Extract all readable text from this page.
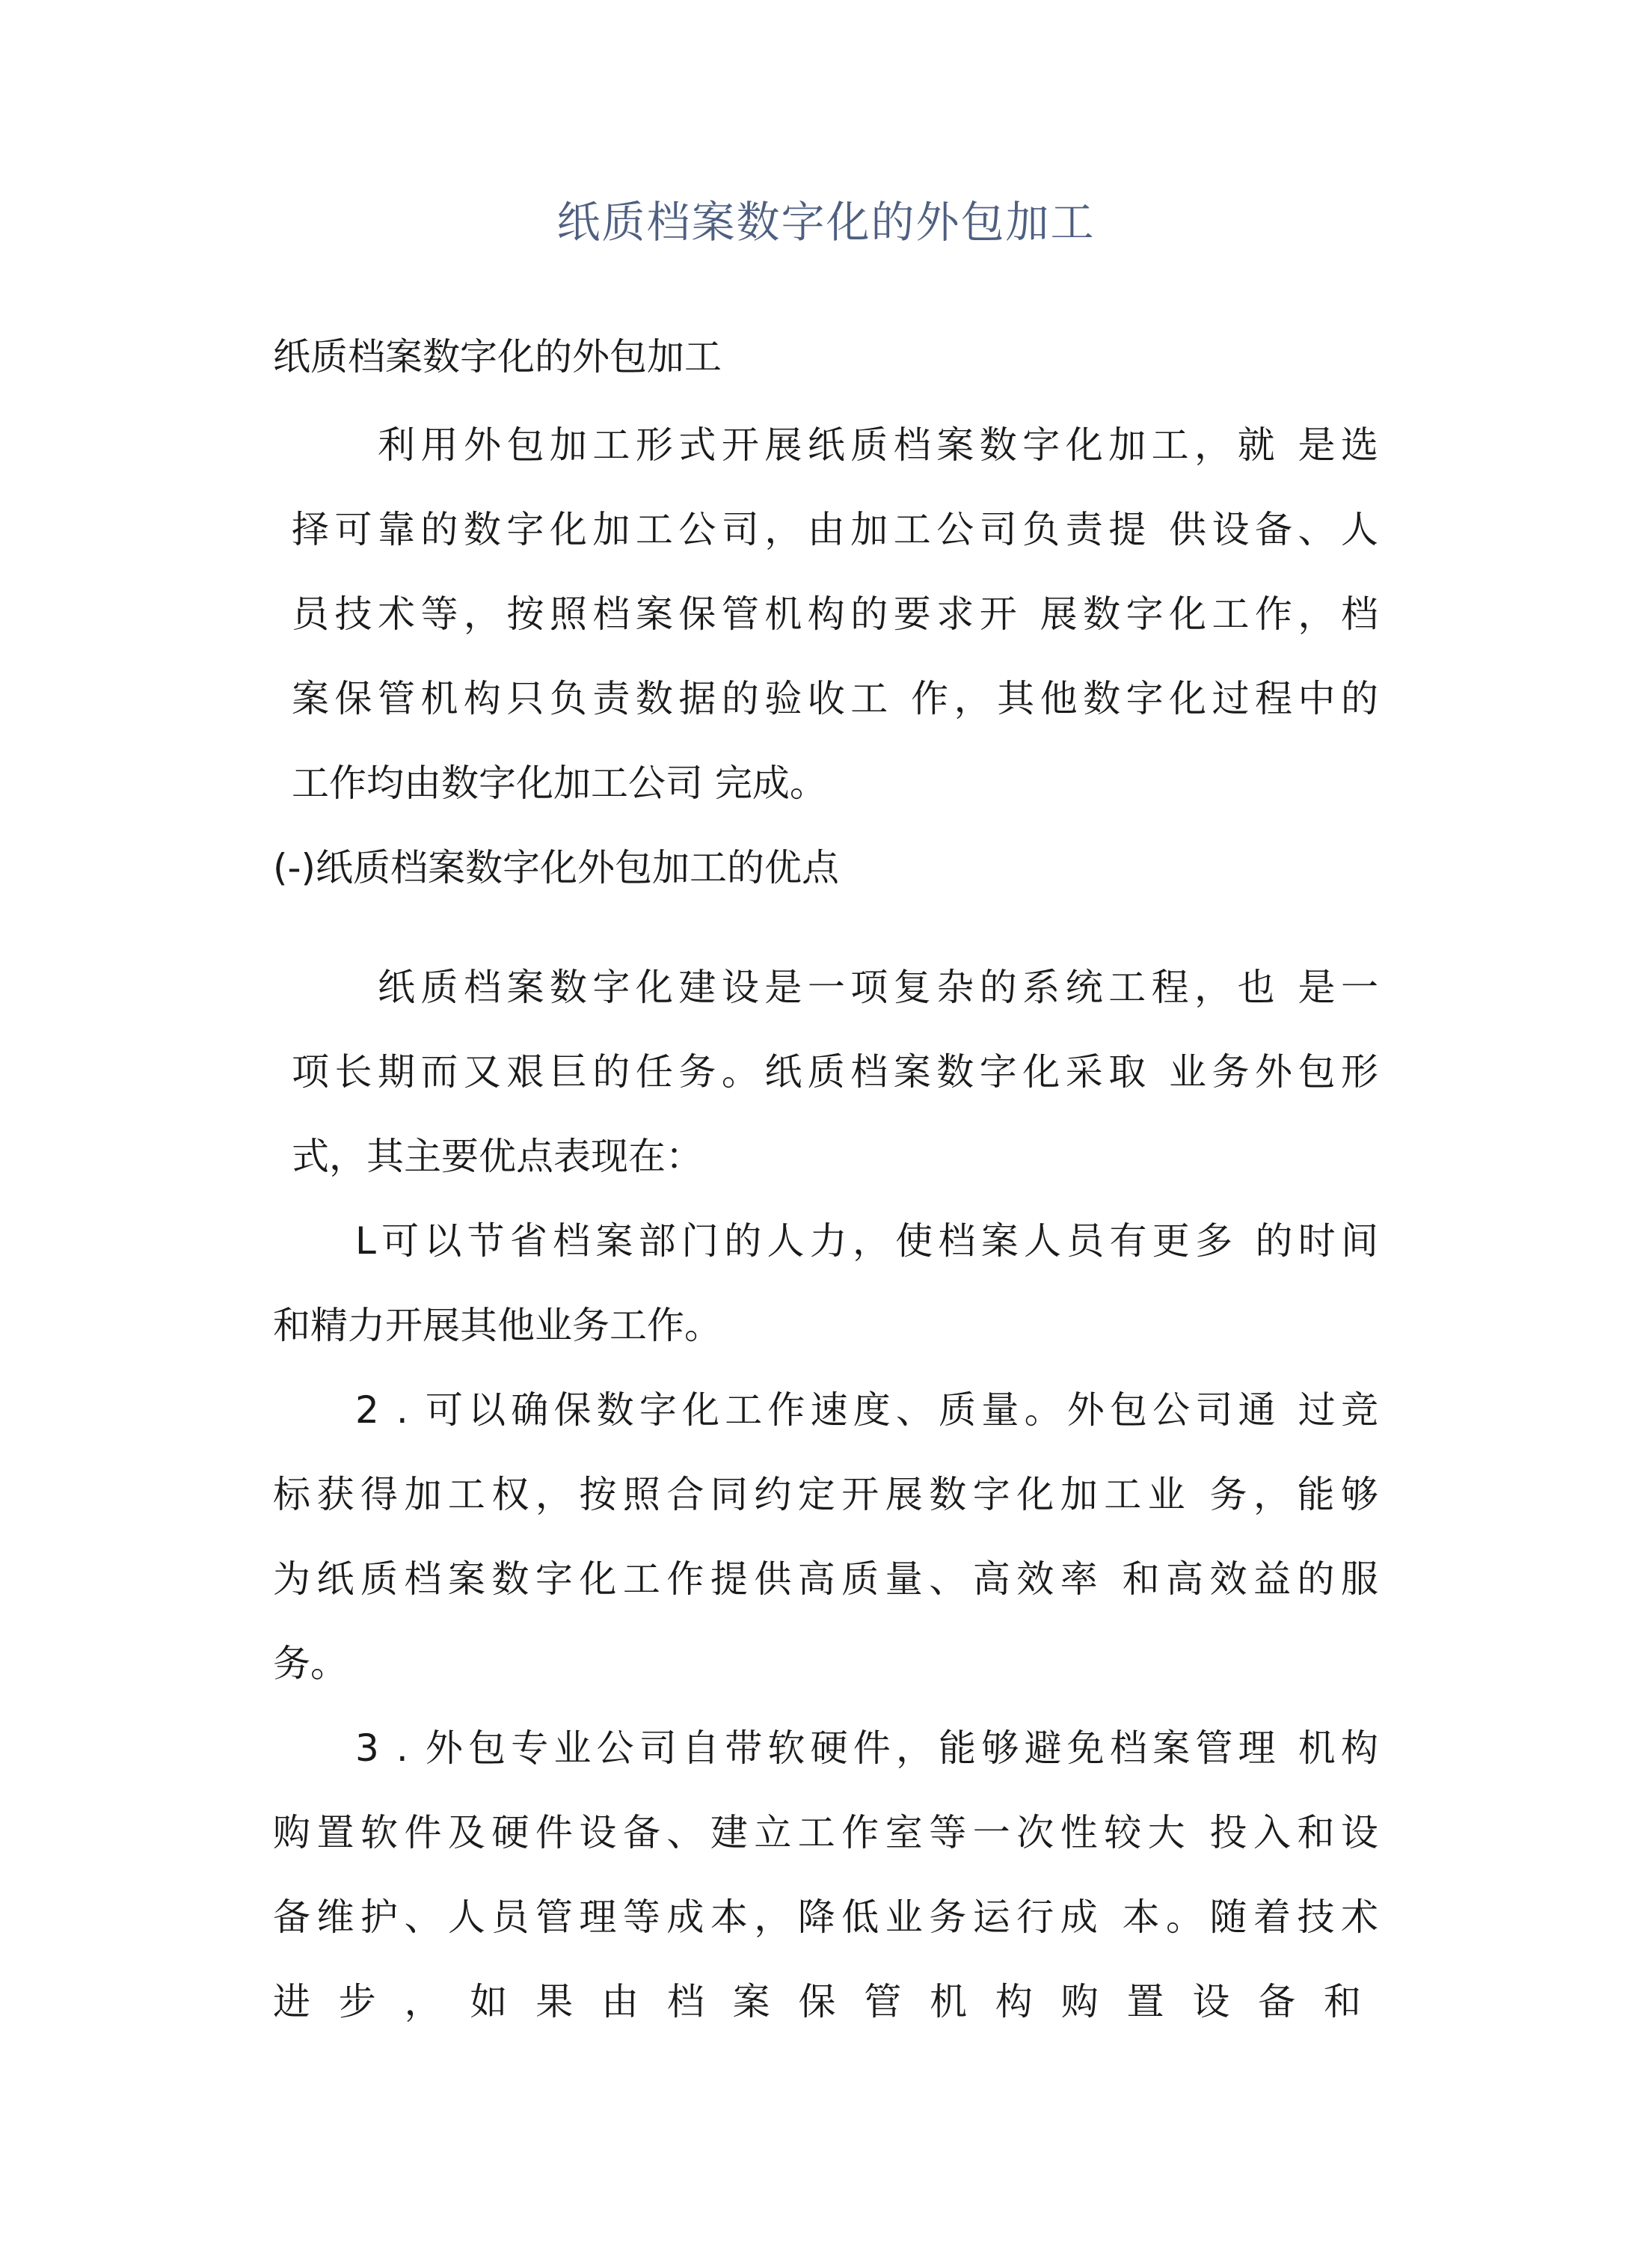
纸质档案数字化的外包加工
纸质档案数字化的外包加工
利用外包加工形式开展纸质档案数字化加工，就 是选
择可靠的数字化加工公司，由加工公司负责提 供设备、人
员技术等，按照档案保管机构的要求开 展数字化工作，档
案保管机构只负责数据的验收工 作，其他数字化过程中的
工作均由数字化加工公司 完成。
(-)纸质档案数字化外包加工的优点
纸质档案数字化建设是一项复杂的系统工程，也 是一
项长期而又艰巨的任务。纸质档案数字化采取 业务外包形
式，其主要优点表现在：
L可以节省档案部门的人力，使档案人员有更多 的时间
和精力开展其他业务工作。
2 . 可以确保数字化工作速度、质量。外包公司通 过竞
标获得加工权，按照合同约定开展数字化加工业 务，能够
为纸质档案数字化工作提供高质量、高效率 和高效益的服
务。
3 . 外包专业公司自带软硬件，能够避免档案管理 机构
购置软件及硬件设备、建立工作室等一次性较大 投入和设
备维护、人员管理等成本，降低业务运行成 本。随着技术
进 步 ， 如 果 由 档 案 保 管 机 构 购 置 设 备 和
